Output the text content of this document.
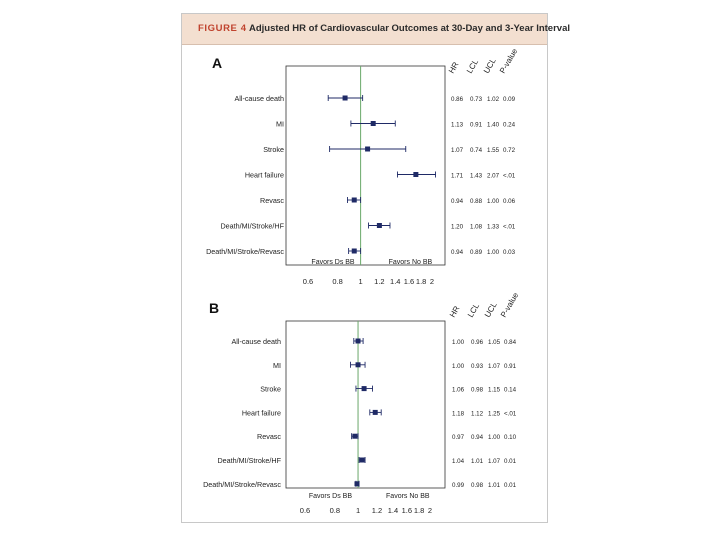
FIGURE 4 Adjusted HR of Cardiovascular Outcomes at 30-Day and 3-Year Interval
A	HR LCL UCL P-value
All-cause death	0.86 0.73 1.02 0.09
MI	1.13 0.91 1.40 0.24
Stroke	1.07 0.74 1.55 0.72
Heart failure	1.71 1.43 2.07 <.01
Revasc	0.94 0.88 1.00 0.06
Death/MI/Stroke/HF	1.20 1.08 1.33 <.01
Death/MI/Stroke/Revasc	0.94 0.89 1.00 0.03
Favors Ds BB	Favors No BB
0.6	0.8 1 1.2 1.4 1.6 1.8 2
B	HR LCL UCL P-value
All-cause death	1.00 0.96 1.05 0.84
MI	1.00 0.93 1.07 0.91
Stroke	1.06 0.98 1.15 0.14
Heart failure	1.18 1.12 1.25 <.01
Revasc	0.97 0.94 1.00 0.10
Death/MI/Stroke/HF	1.04 1.01 1.07 0.01
Death/MI/Stroke/Revasc	0.99 0.98 1.01 0.01
Favors Ds BB	Favors No BB
0.6	0.8 1 1.2 1.4 1.6 1.8 2
